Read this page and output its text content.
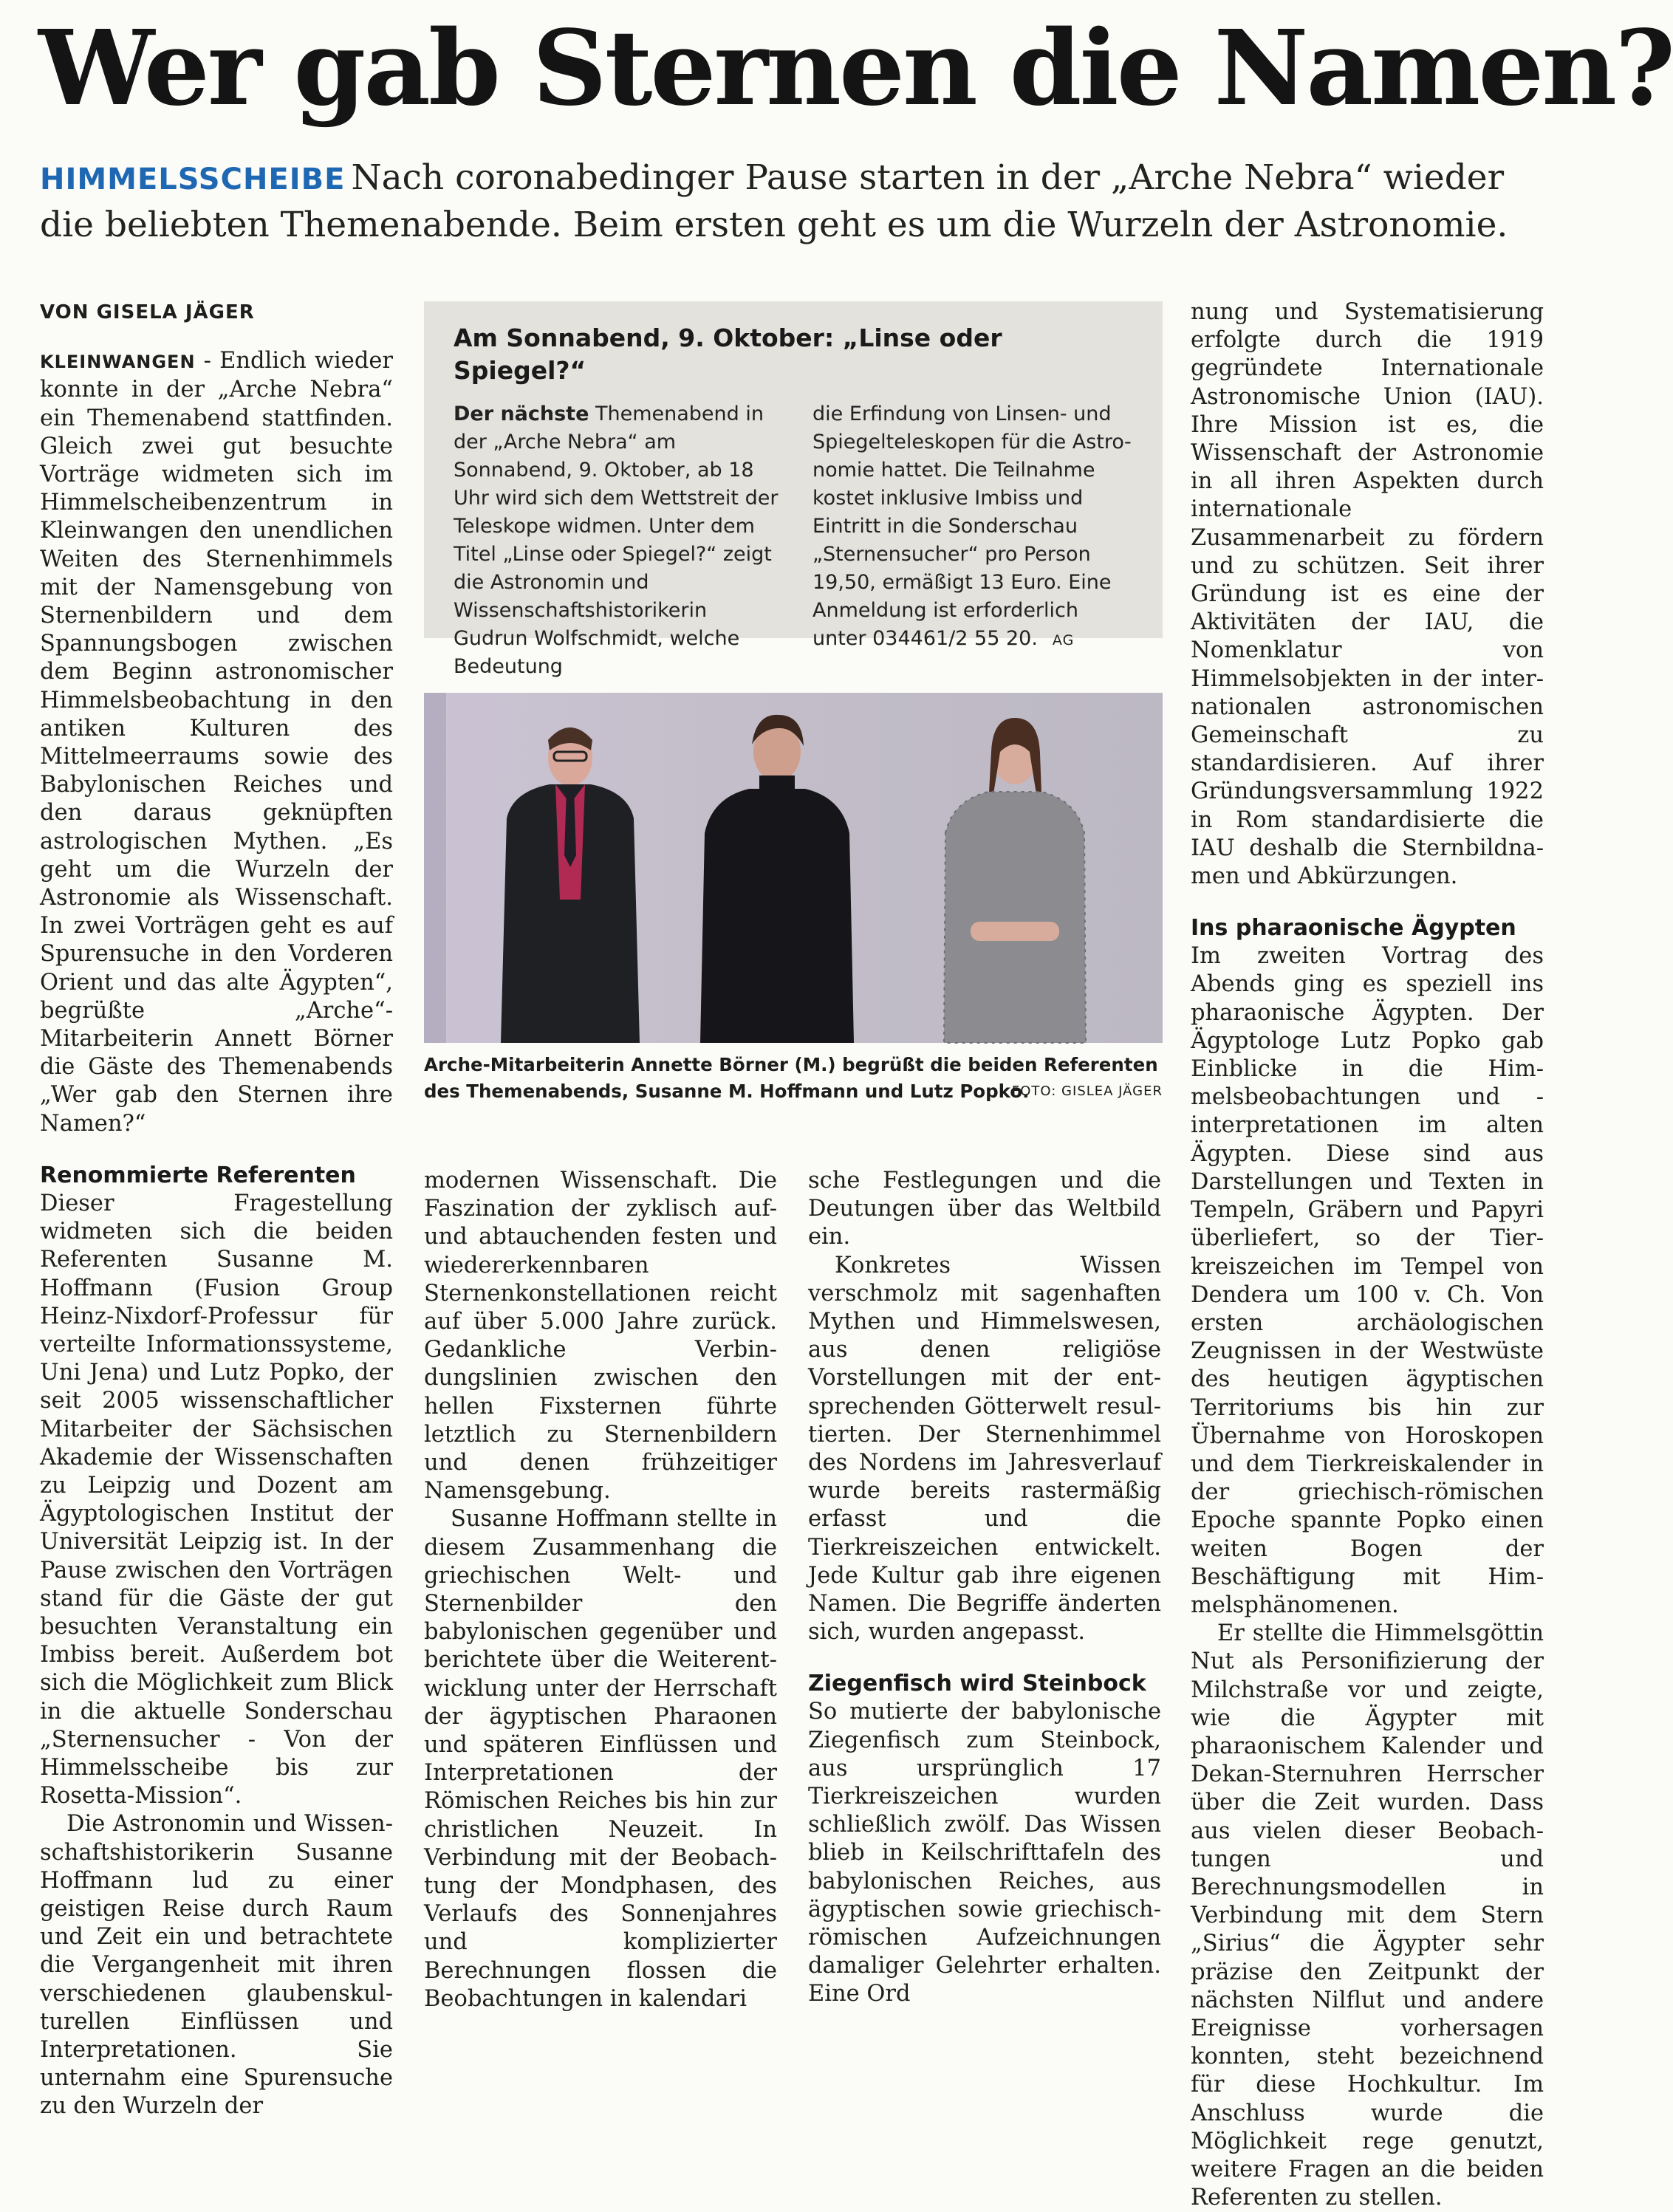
Wer gab Sternen die Namen?
HIMMELSSCHEIBE Nach coronabedinger Pause starten in der „Arche Nebra“ wieder
die beliebten Themenabende. Beim ersten geht es um die Wurzeln der Astronomie.
VON GISELA JÄGER

KLEINWANGEN - Endlich wieder konnte in der „Arche Nebra“ ein Themenabend stattfinden. Gleich zwei gut besuchte Vorträge widmeten sich im Himmelscheibenzentrum in Kleinwangen den unendlichen Weiten des Sternenhimmels mit der Namensgebung von Sternenbildern und dem Spannungsbogen zwischen dem Beginn astronomischer Himmelsbeobachtung in den antiken Kulturen des Mittelmeerraums sowie des Babylonischen Reiches und den daraus geknüpften astrologischen Mythen. „Es geht um die Wurzeln der Astronomie als Wissenschaft. In zwei Vorträgen geht es auf Spurensuche in den Vorderen Orient und das alte Ägypten“, begrüßte „Arche“-Mitarbeiterin Annett Börner die Gäste des Themenabends „Wer gab den Sternen ihre Namen?“

Renommierte Referenten

Dieser Fragestellung widmeten sich die beiden Referenten Susanne M. Hoffmann (Fusion Group Heinz-Nixdorf-Professur für verteilte Informationssysteme, Uni Jena) und Lutz Popko, der seit 2005 wissenschaftlicher Mitarbeiter der Sächsischen Akademie der Wissenschaften zu Leipzig und Dozent am Ägyptologischen Institut der Universität Leipzig ist. In der Pause zwischen den Vorträgen stand für die Gäste der gut besuchten Veranstaltung ein Imbiss bereit. Außerdem bot sich die Möglichkeit zum Blick in die aktuelle Sonderschau „Sternensucher - Von der Himmelsscheibe bis zur Rosetta-Mission“.

Die Astronomin und Wissenschaftshistorikerin Susanne Hoffmann lud zu einer geistigen Reise durch Raum und Zeit ein und betrachtete die Vergangenheit mit ihren verschiedenen glaubenskulturellen Einflüssen und Interpretationen. Sie unternahm eine Spurensuche zu den Wurzeln der

Am Sonnabend, 9. Oktober: „Linse oder Spiegel?“
Der nächste Themenabend in der „Arche Nebra“ am Sonnabend, 9. Oktober, ab 18 Uhr wird sich dem Wettstreit der Teleskope widmen. Unter dem Titel „Linse oder Spiegel?“ zeigt die Astronomin und Wissenschaftshistorikerin Gudrun Wolfschmidt, welche Bedeutung
die Erfindung von Linsen- und Spiegelteleskopen für die Astronomie hattet. Die Teilnahme kostet inklusive Imbiss und Eintritt in die Sonderschau „Sternensucher“ pro Person 19,50, ermäßigt 13 Euro. Eine Anmeldung ist erforderlich unter 034461/2 55 20. AG
Arche-Mitarbeiterin Annette Börner (M.) begrüßt die beiden Referenten des Themenabends, Susanne M. Hoffmann und Lutz Popko.
FOTO: GISLEA JÄGER

modernen Wissenschaft. Die Faszination der zyklisch auf- und abtauchenden festen und wiedererkennbaren Sternenkonstellationen reicht auf über 5.000 Jahre zurück. Gedankliche Verbindungslinien zwischen den hellen Fixsternen führte letztlich zu Sternenbildern und denen frühzeitiger Namensgebung.

Susanne Hoffmann stellte in diesem Zusammenhang die griechischen Welt- und Sternenbilder den babylonischen gegenüber und berichtete über die Weiterentwicklung unter der Herrschaft der ägyptischen Pharaonen und späteren Einflüssen und Interpretationen der Römischen Reiches bis hin zur christlichen Neuzeit. In Verbindung mit der Beobachtung der Mondphasen, des Verlaufs des Sonnenjahres und komplizierter Berechnungen flossen die Beobachtungen in kalendari

sche Festlegungen und die Deutungen über das Weltbild ein.

Konkretes Wissen verschmolz mit sagenhaften Mythen und Himmelswesen, aus denen religiöse Vorstellungen mit der entsprechenden Götterwelt resultierten. Der Sternenhimmel des Nordens im Jahresverlauf wurde bereits rastermäßig erfasst und die Tierkreiszeichen entwickelt. Jede Kultur gab ihre eigenen Namen. Die Begriffe änderten sich, wurden angepasst.

Ziegenfisch wird Steinbock

So mutierte der babylonische Ziegenfisch zum Steinbock, aus ursprünglich 17 Tierkreiszeichen wurden schließlich zwölf. Das Wissen blieb in Keilschrifttafeln des babylonischen Reiches, aus ägyptischen sowie griechisch-römischen Aufzeichnungen damaliger Gelehrter erhalten. Eine Ord

nung und Systematisierung erfolgte durch die 1919 gegründete Internationale Astronomische Union (IAU). Ihre Mission ist es, die Wissenschaft der Astronomie in all ihren Aspekten durch internationale Zusammenarbeit zu fördern und zu schützen. Seit ihrer Gründung ist es eine der Aktivitäten der IAU, die Nomenklatur von Himmelsobjekten in der internationalen astronomischen Gemeinschaft zu standardisieren. Auf ihrer Gründungsversammlung 1922 in Rom standardisierte die IAU deshalb die Sternbildnamen und Abkürzungen.

Ins pharaonische Ägypten

Im zweiten Vortrag des Abends ging es speziell ins pharaonische Ägypten. Der Ägyptologe Lutz Popko gab Einblicke in die Himmelsbeobachtungen und -interpretationen im alten Ägypten. Diese sind aus Darstellungen und Texten in Tempeln, Gräbern und Papyri überliefert, so der Tierkreiszeichen im Tempel von Dendera um 100 v. Ch. Von ersten archäologischen Zeugnissen in der Westwüste des heutigen ägyptischen Territoriums bis hin zur Übernahme von Horoskopen und dem Tierkreiskalender in der griechisch-römischen Epoche spannte Popko einen weiten Bogen der Beschäftigung mit Himmelsphänomenen.

Er stellte die Himmelsgöttin Nut als Personifizierung der Milchstraße vor und zeigte, wie die Ägypter mit pharaonischem Kalender und Dekan-Sternuhren Herrscher über die Zeit wurden. Dass aus vielen dieser Beobachtungen und Berechnungsmodellen in Verbindung mit dem Stern „Sirius“ die Ägypter sehr präzise den Zeitpunkt der nächsten Nilflut und andere Ereignisse vorhersagen konnten, steht bezeichnend für diese Hochkultur. Im Anschluss wurde die Möglichkeit rege genutzt, weitere Fragen an die beiden Referenten zu stellen.
